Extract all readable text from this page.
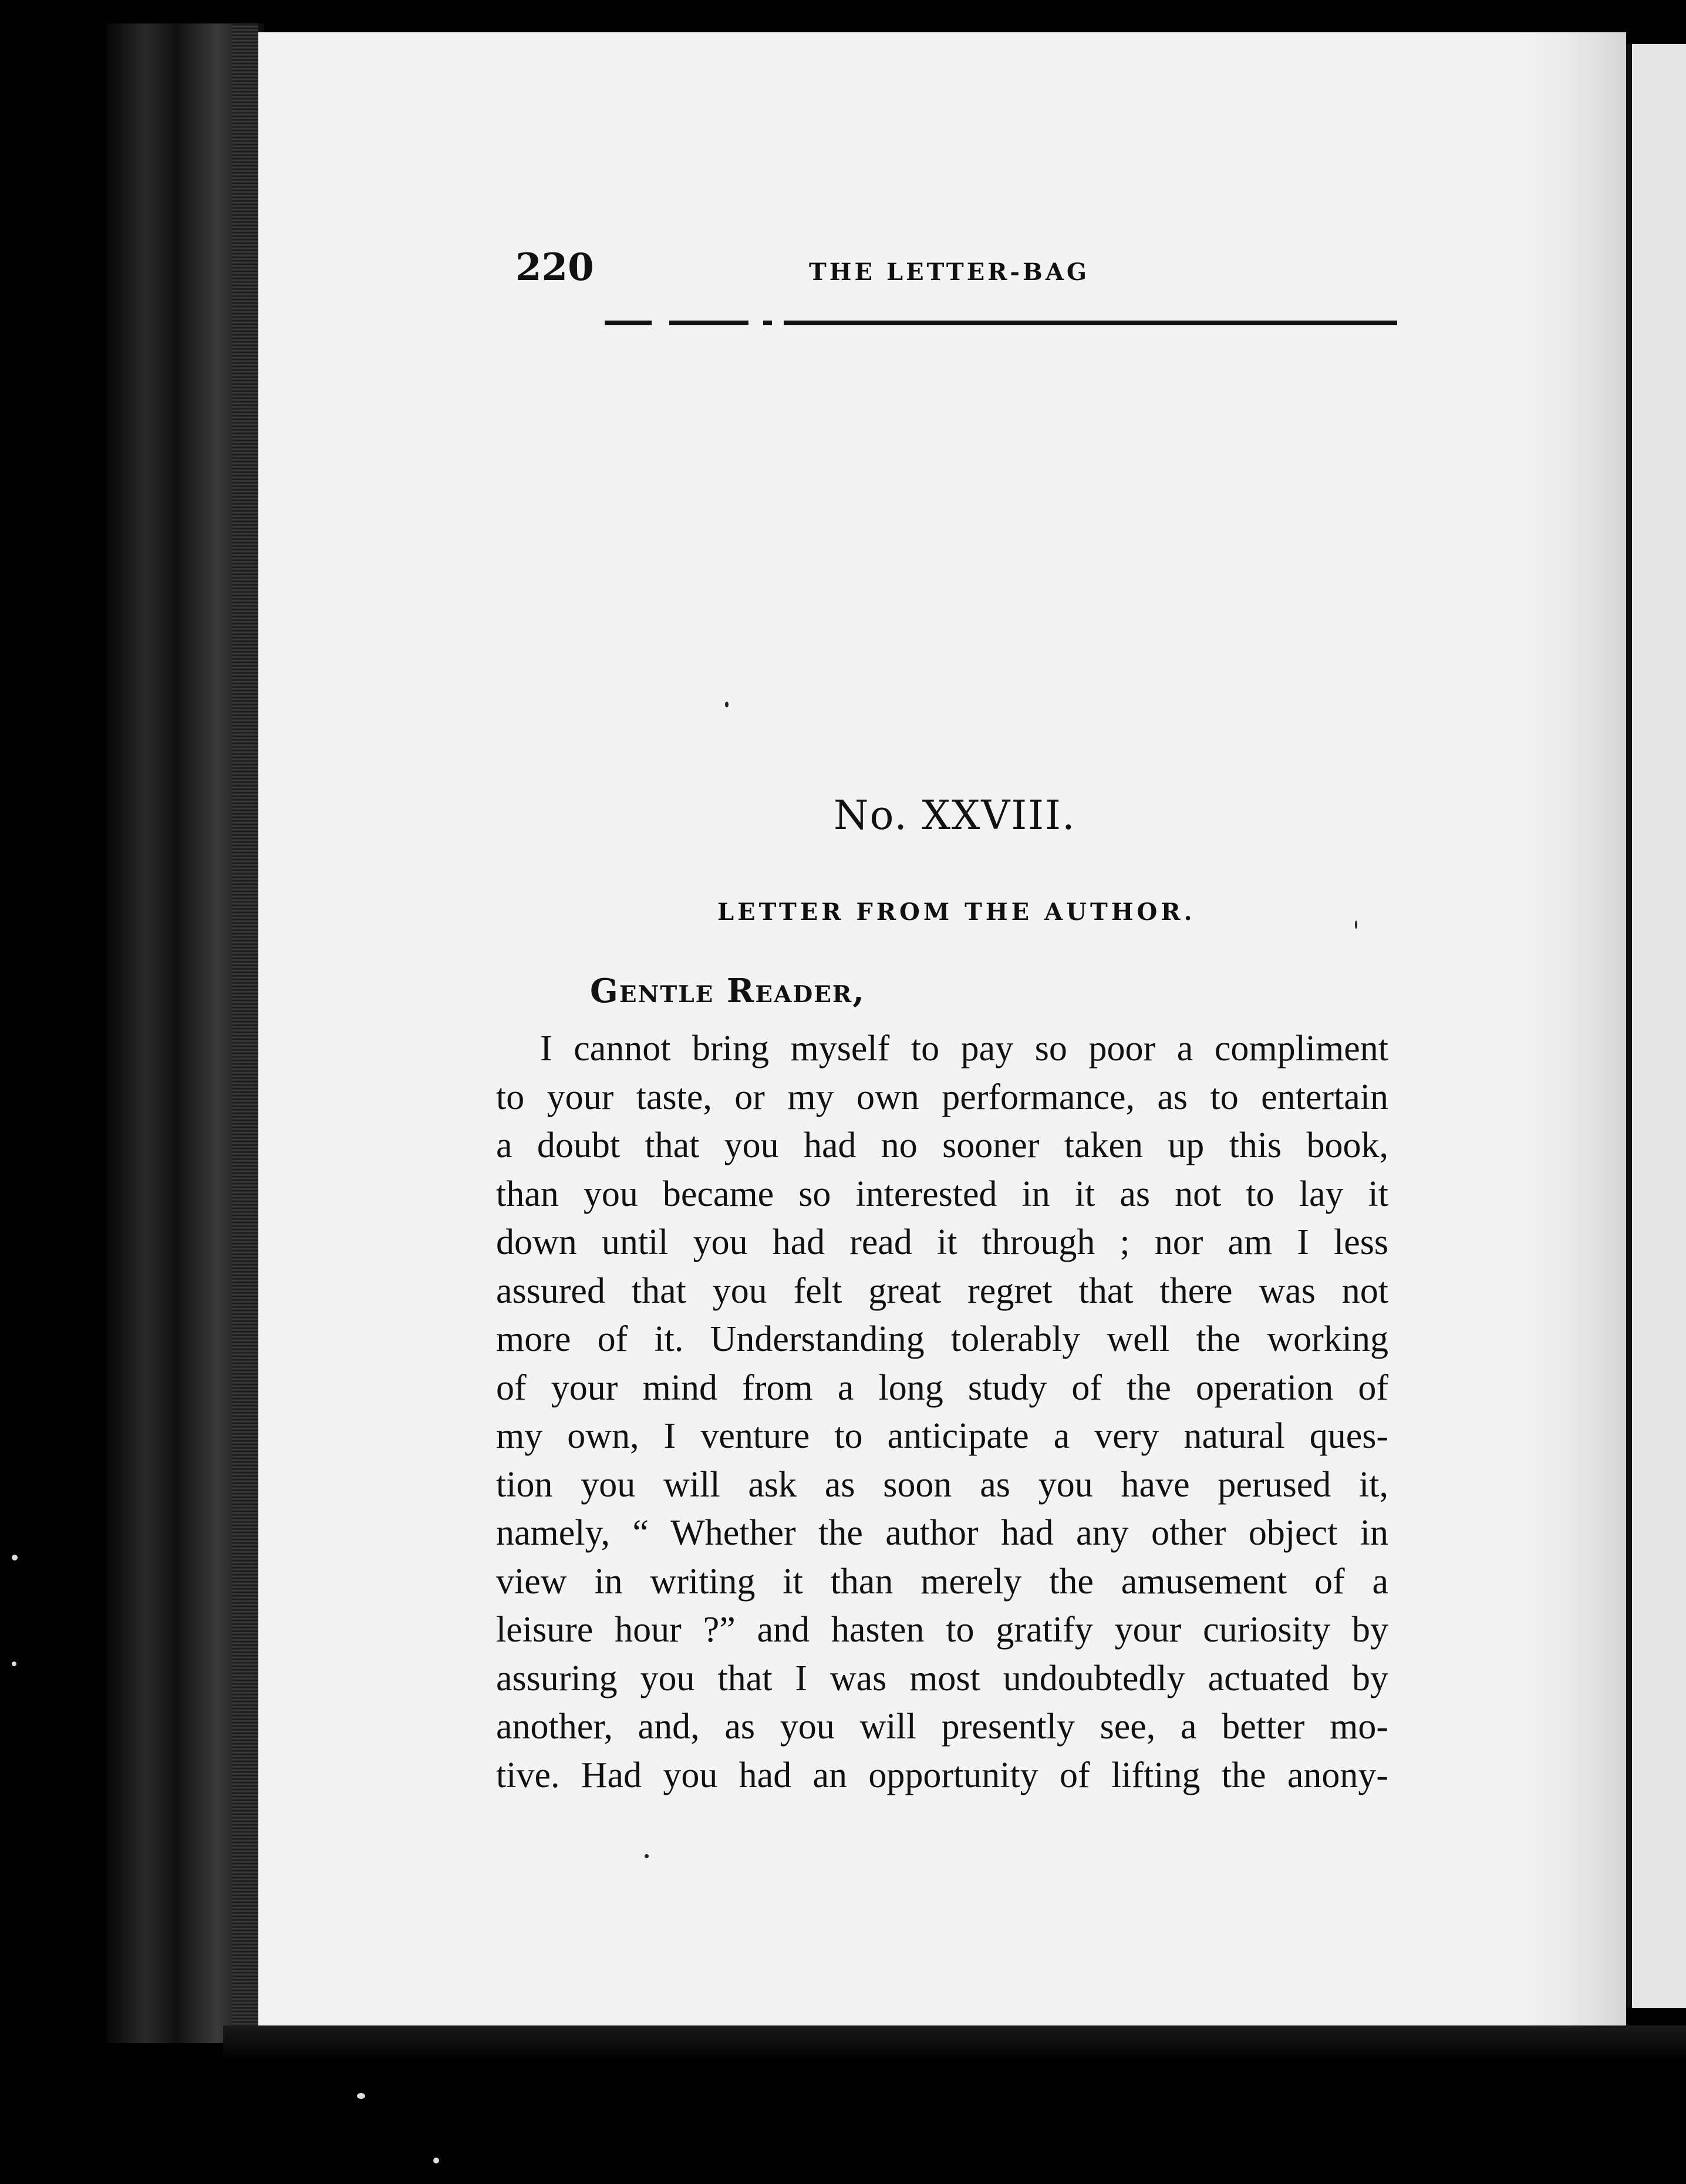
220	THE LETTER-BAG
No. XXVIII.
LETTER FROM THE AUTHOR.
Gentle Reader,
I cannot bring myself to pay so poor a compliment
to your taste, or my own performance, as to entertain
a doubt that you had no sooner taken up this book,
than you became so interested in it as not to lay it
down until you had read it through ; nor am I less
assured that you felt great regret that there was not
more of it. Understanding tolerably well the working
of your mind from a long study of the operation of
my own, I venture to anticipate a very natural ques-
tion you will ask as soon as you have perused it,
namely, “ Whether the author had any other object in
view in writing it than merely the amusement of a
leisure hour ?” and hasten to gratify your curiosity by
assuring you that I was most undoubtedly actuated by
another, and, as you will presently see, a better mo-
tive. Had you had an opportunity of lifting the anony-
